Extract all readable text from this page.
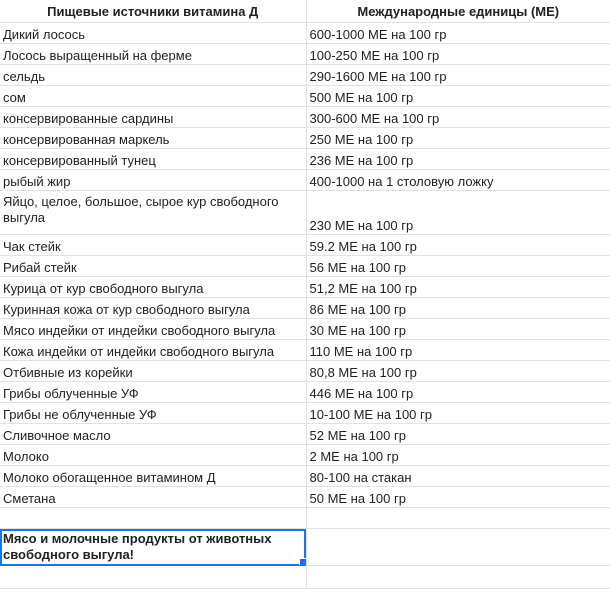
Пищевые источники витамина Д	Международные единицы (МЕ)
Дикий лосось	600-1000 МЕ на 100 гр
Лосось выращенный на ферме	100-250 МЕ на 100 гр
сельдь	290-1600 МЕ на 100 гр
сом	500 МЕ на 100 гр
консервированные сардины	300-600 МЕ на 100 гр
консервированная маркель	250 МЕ на 100 гр
консервированный тунец	236 МЕ на 100 гр
рыбый жир	400-1000 на 1 столовую ложку
Яйцо, целое, большое, сырое кур свободного выгула	230 МЕ на 100 гр
Чак стейк	59.2 МЕ на 100 гр
Рибай стейк	56 МЕ на 100 гр
Курица от кур свободного выгула	51,2 МЕ на 100 гр
Куринная кожа от кур свободного выгула	86 МЕ на 100 гр
Мясо индейки от индейки свободного выгула	30 МЕ на 100 гр
Кожа индейки от индейки свободного выгула	110 МЕ на 100 гр
Отбивные из корейки	80,8 МЕ на 100 гр
Грибы облученные УФ	446 МЕ на 100 гр
Грибы не облученные УФ	10-100 МЕ на 100 гр
Сливочное масло	52 МЕ на 100 гр
Молоко	2 МЕ на 100 гр
Молоко обогащенное витамином Д	80-100 на стакан
Сметана	50 МЕ на 100 гр

Мясо и молочные продукты от животных свободного выгула!
